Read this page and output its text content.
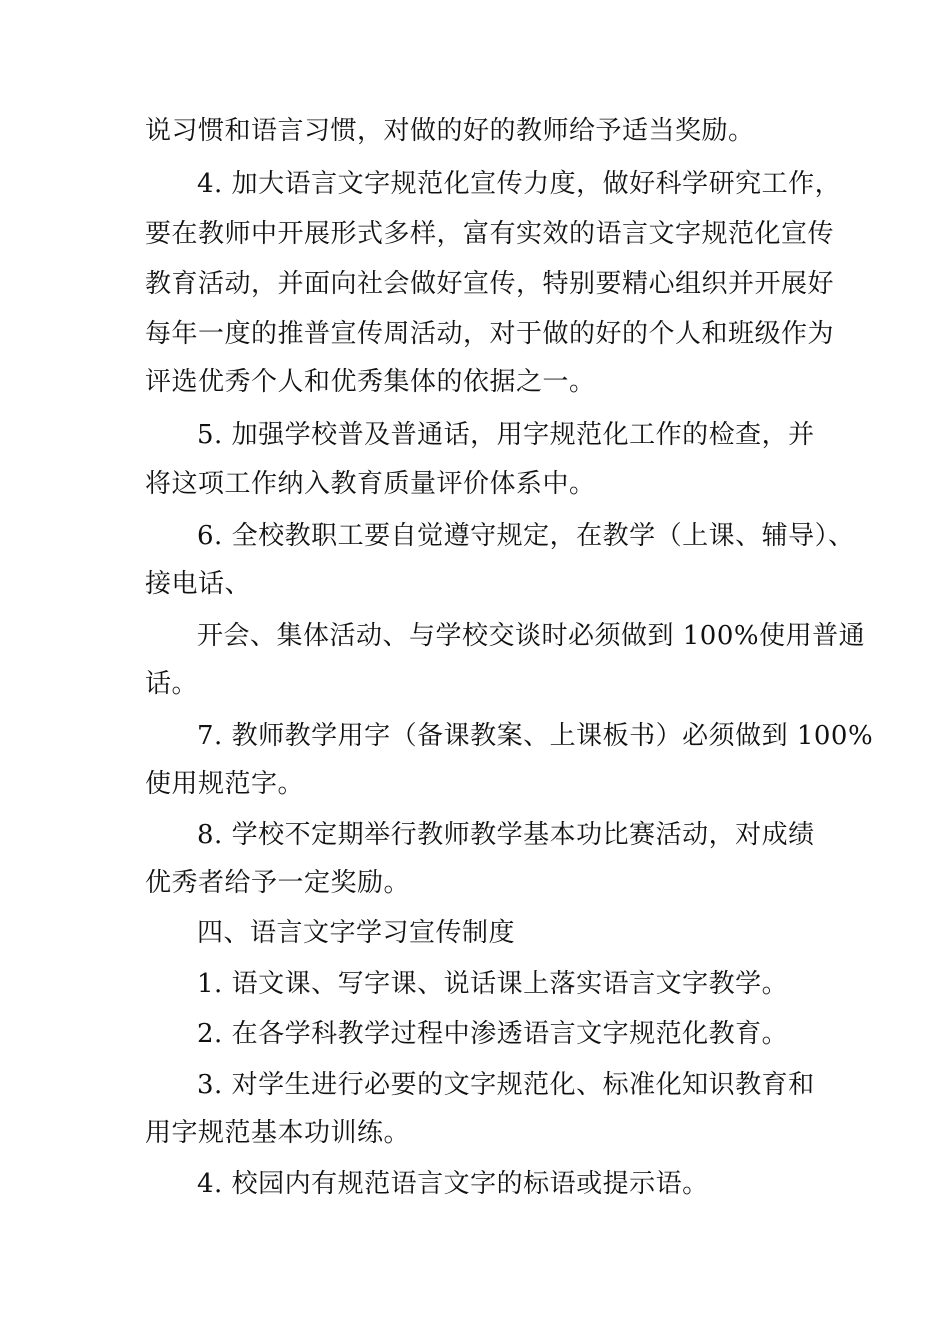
说习惯和语言习惯，对做的好的教师给予适当奖励。
4. 加大语言文字规范化宣传力度，做好科学研究工作，
要在教师中开展形式多样，富有实效的语言文字规范化宣传
教育活动，并面向社会做好宣传，特别要精心组织并开展好
每年一度的推普宣传周活动，对于做的好的个人和班级作为
评选优秀个人和优秀集体的依据之一。
5. 加强学校普及普通话，用字规范化工作的检查，并
将这项工作纳入教育质量评价体系中。
6. 全校教职工要自觉遵守规定，在教学（上课、辅导）、
接电话、
开会、集体活动、与学校交谈时必须做到 100%使用普通
话。
7. 教师教学用字（备课教案、上课板书）必须做到 100%
使用规范字。
8. 学校不定期举行教师教学基本功比赛活动，对成绩
优秀者给予一定奖励。
四、语言文字学习宣传制度
1. 语文课、写字课、说话课上落实语言文字教学。
2. 在各学科教学过程中渗透语言文字规范化教育。
3. 对学生进行必要的文字规范化、标准化知识教育和
用字规范基本功训练。
4. 校园内有规范语言文字的标语或提示语。
